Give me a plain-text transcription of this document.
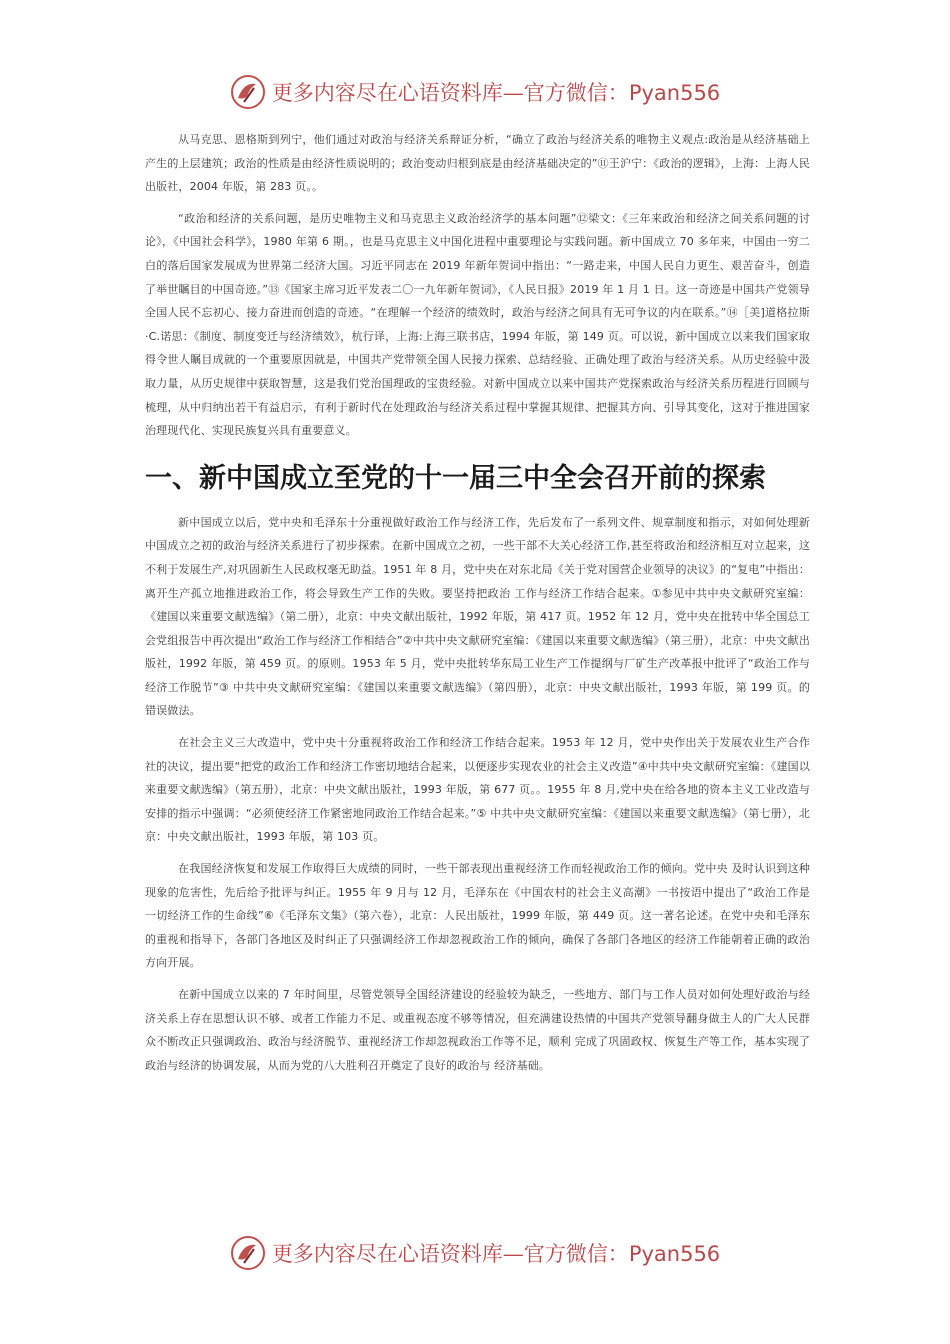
更多内容尽在心语资料库—官方微信：Pyan556

从马克思、恩格斯到列宁，他们通过对政治与经济关系辩证分析，“确立了政治与经济关系的唯物主义观点:政治是从经济基础上产生的上层建筑；政治的性质是由经济性质说明的；政治变动归根到底是由经济基础决定的”⑪王沪宁：《政治的逻辑》，上海：上海人民出版社，2004 年版，第 283 页。。

“政治和经济的关系问题，是历史唯物主义和马克思主义政治经济学的基本问题”⑫梁文：《三年来政治和经济之间关系问题的讨论》，《中国社会科学》，1980 年第 6 期。，也是马克思主义中国化进程中重要理论与实践问题。新中国成立 70 多年来，中国由一穷二白的落后国家发展成为世界第二经济大国。习近平同志在 2019 年新年贺词中指出：“一路走来，中国人民自力更生、艰苦奋斗，创造了举世瞩目的中国奇迹。”⑬《国家主席习近平发表二〇一九年新年贺词》，《人民日报》2019 年 1 月 1 日。这一奇迹是中国共产党领导全国人民不忘初心、接力奋进而创造的奇迹。“在理解一个经济的绩效时，政治与经济之间具有无可争议的内在联系。”⑭［美]道格拉斯·C.诺思：《制度、制度变迁与经济绩效》，杭行译，上海:上海三联书店，1994 年版，第 149 页。可以说，新中国成立以来我们国家取得令世人瞩目成就的一个重要原因就是，中国共产党带领全国人民接力探索、总结经验、正确处理了政治与经济关系。从历史经验中汲取力量，从历史规律中获取智慧，这是我们党治国理政的宝贵经验。对新中国成立以来中国共产党探索政治与经济关系历程进行回顾与梳理，从中归纳出若干有益启示，有利于新时代在处理政治与经济关系过程中掌握其规律、把握其方向、引导其变化，这对于推进国家治理现代化、实现民族复兴具有重要意义。

一、新中国成立至党的十一届三中全会召开前的探索

新中国成立以后，党中央和毛泽东十分重视做好政治工作与经济工作，先后发布了一系列文件、规章制度和指示，对如何处理新中国成立之初的政治与经济关系进行了初步探索。在新中国成立之初，一些干部不大关心经济工作,甚至将政治和经济相互对立起来，这不利于发展生产,对巩固新生人民政权毫无助益。1951 年 8 月，党中央在对东北局《关于党对国营企业领导的决议》的“复电”中指出：离开生产孤立地推进政治工作，将会导致生产工作的失败。要坚持把政治 工作与经济工作结合起来。①参见中共中央文献研究室编：《建国以来重要文献选编》（第二册），北京：中央文献出版社，1992 年版，第 417 页。1952 年 12 月，党中央在批转中华全国总工会党组报告中再次提出“政治工作与经济工作相结合”②中共中央文献研究室编：《建国以来重要文献选编》（第三册），北京：中央文献出版社，1992 年版，第 459 页。的原则。1953 年 5 月，党中央批转华东局工业生产工作提纲与厂矿生产改革报中批评了“政治工作与经济工作脱节”③ 中共中央文献研究室编：《建国以来重要文献选编》（第四册），北京：中央文献出版社，1993 年版，第 199 页。的错误做法。

在社会主义三大改造中，党中央十分重视将政治工作和经济工作结合起来。1953 年 12 月，党中央作出关于发展农业生产合作社的决议，提出要“把党的政治工作和经济工作密切地结合起来，以便逐步实现农业的社会主义改造”④中共中央文献研究室编：《建国以来重要文献选编》（第五册），北京：中央文献出版社，1993 年版，第 677 页。。1955 年 8 月,党中央在给各地的资本主义工业改造与安排的指示中强调：“必须使经济工作紧密地同政治工作结合起来。”⑤ 中共中央文献研究室编：《建国以来重要文献选编》（第七册），北京：中央文献出版社，1993 年版，第 103 页。

在我国经济恢复和发展工作取得巨大成绩的同时，一些干部表现出重视经济工作而轻视政治工作的倾向。党中央 及时认识到这种现象的危害性，先后给予批评与纠正。1955 年 9 月与 12 月，毛泽东在《中国农村的社会主义高潮》一书按语中提出了“政治工作是一切经济工作的生命线”⑥《毛泽东文集》（第六卷），北京：人民出版社，1999 年版，第 449 页。这一著名论述。在党中央和毛泽东的重视和指导下，各部门各地区及时纠正了只强调经济工作却忽视政治工作的倾向，确保了各部门各地区的经济工作能朝着正确的政治方向开展。

在新中国成立以来的 7 年时间里，尽管党领导全国经济建设的经验较为缺乏，一些地方、部门与工作人员对如何处理好政治与经济关系上存在思想认识不够、或者工作能力不足、或重视态度不够等情况，但充满建设热情的中国共产党领导翻身做主人的广大人民群众不断改正只强调政治、政治与经济脱节、重视经济工作却忽视政治工作等不足，顺利 完成了巩固政权、恢复生产等工作，基本实现了政治与经济的协调发展，从而为党的八大胜利召开奠定了良好的政治与 经济基础。

更多内容尽在心语资料库—官方微信：Pyan556
